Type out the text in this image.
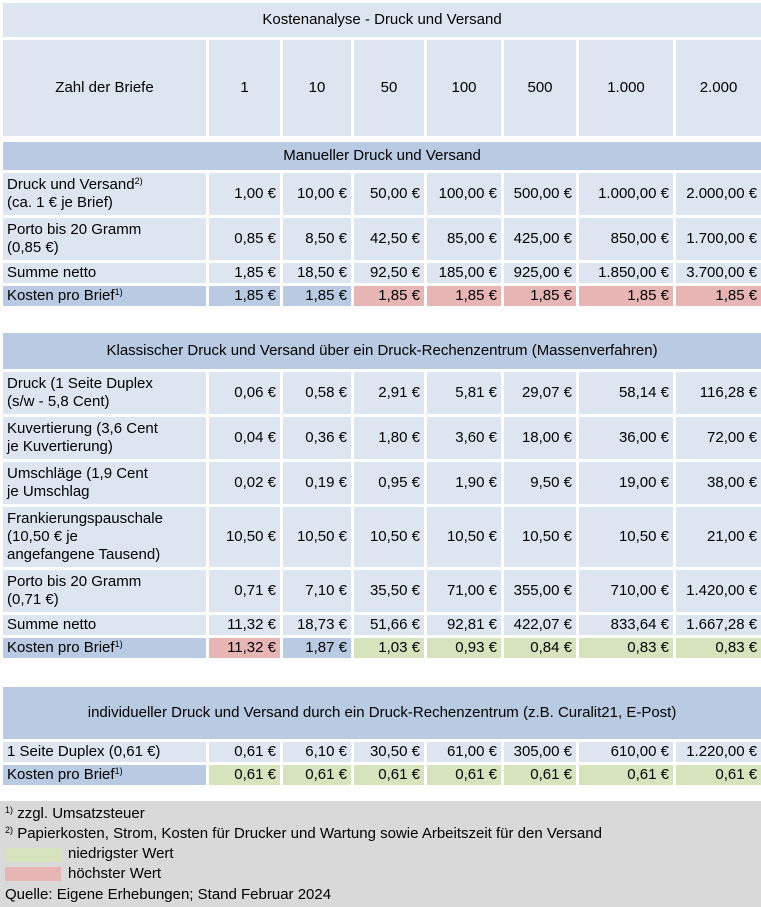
Kostenanalyse - Druck und Versand
Zahl der Briefe	1	10	50	100	500	1.000	2.000
Manueller Druck und Versand							
Druck und Versand$^{2)}$
(ca. 1 € je Brief)	1,00 €	10,00 €	50,00 €	100,00 €	500,00 €	1.000,00 €	2.000,00 €
Porto bis 20 Gramm
(0,85 €)	0,85 €	8,50 €	42,50 €	85,00 €	425,00 €	850,00 €	1.700,00 €
Summe netto	1,85 €	18,50 €	92,50 €	185,00 €	925,00 €	1.850,00 €	3.700,00 €
Kosten pro Brief$^{1)}$	1,85 €	1,85 €	1,85 €	1,85 €	1,85 €	1,85 €	1,85 €
Klassischer Druck und Versand über ein Druck-Rechenzentrum (Massenverfahren)							
Druck (1 Seite Duplex
(s/w - 5,8 Cent)	0,06 €	0,58 €	2,91 €	5,81 €	29,07 €	58,14 €	116,28 €
Kuvertierung (3,6 Cent
je Kuvertierung)	0,04 €	0,36 €	1,80 €	3,60 €	18,00 €	36,00 €	72,00 €
Umschläge (1,9 Cent
je Umschlag	0,02 €	0,19 €	0,95 €	1,90 €	9,50 €	19,00 €	38,00 €
Frankierungspauschale
(10,50 € je
angefangene Tausend)	10,50 €	10,50 €	10,50 €	10,50 €	10,50 €	10,50 €	21,00 €
Porto bis 20 Gramm
(0,71 €)	0,71 €	7,10 €	35,50 €	71,00 €	355,00 €	710,00 €	1.420,00 €
Summe netto	11,32 €	18,73 €	51,66 €	92,81 €	422,07 €	833,64 €	1.667,28 €
Kosten pro Brief$^{1)}$	11,32 €	1,87 €	1,03 €	0,93 €	0,84 €	0,83 €	0,83 €
individueller Druck und Versand durch ein Druck-Rechenzentrum (z.B. Curalit21, E-Post)							
1 Seite Duplex (0,61 €)	0,61 €	6,10 €	30,50 €	61,00 €	305,00 €	610,00 €	1.220,00 €
Kosten pro Brief$^{1)}$	0,61 €	0,61 €	0,61 €	0,61 €	0,61 €	0,61 €	0,61 €
$^{1)}$ zzgl. Umsatzsteuer
$^{2)}$ Papierkosten, Strom, Kosten für Drucker und Wartung sowie Arbeitszeit für den Versand
niedrigster Wert
höchster Wert
Quelle: Eigene Erhebungen; Stand Februar 2024
